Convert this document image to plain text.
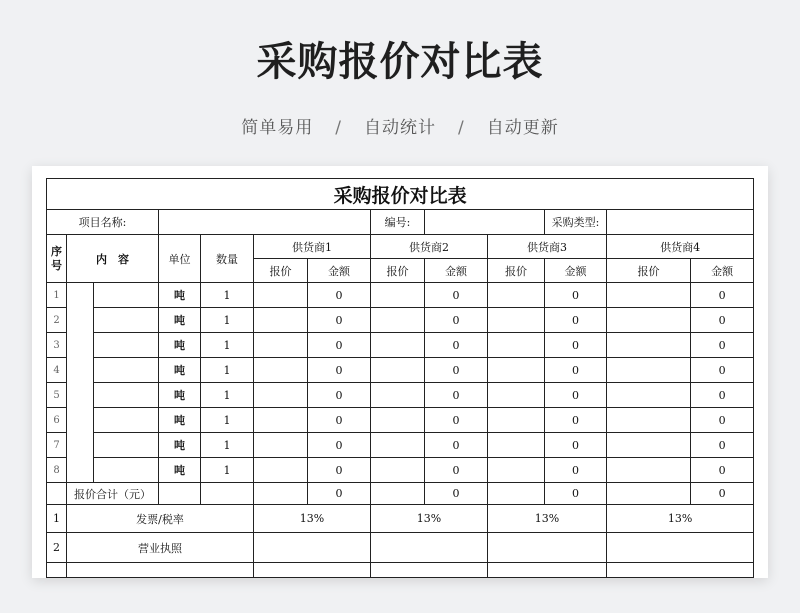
采购报价对比表
简单易用 / 自动统计 / 自动更新
采购报价对比表												
项目名称:							编号:			采购类型:		
序号	内　容		单位	数量	供货商1		供货商2		供货商3		供货商4	
					报价	金额	报价	金额	报价	金额	报价	金额
1			吨	1		0		0		0		0
2			吨	1		0		0		0		0
3			吨	1		0		0		0		0
4			吨	1		0		0		0		0
5			吨	1		0		0		0		0
6			吨	1		0		0		0		0
7			吨	1		0		0		0		0
8			吨	1		0		0		0		0
	报价合计（元）					0		0		0		0
1	发票/税率				13%		13%		13%		13%	
2	营业执照											
